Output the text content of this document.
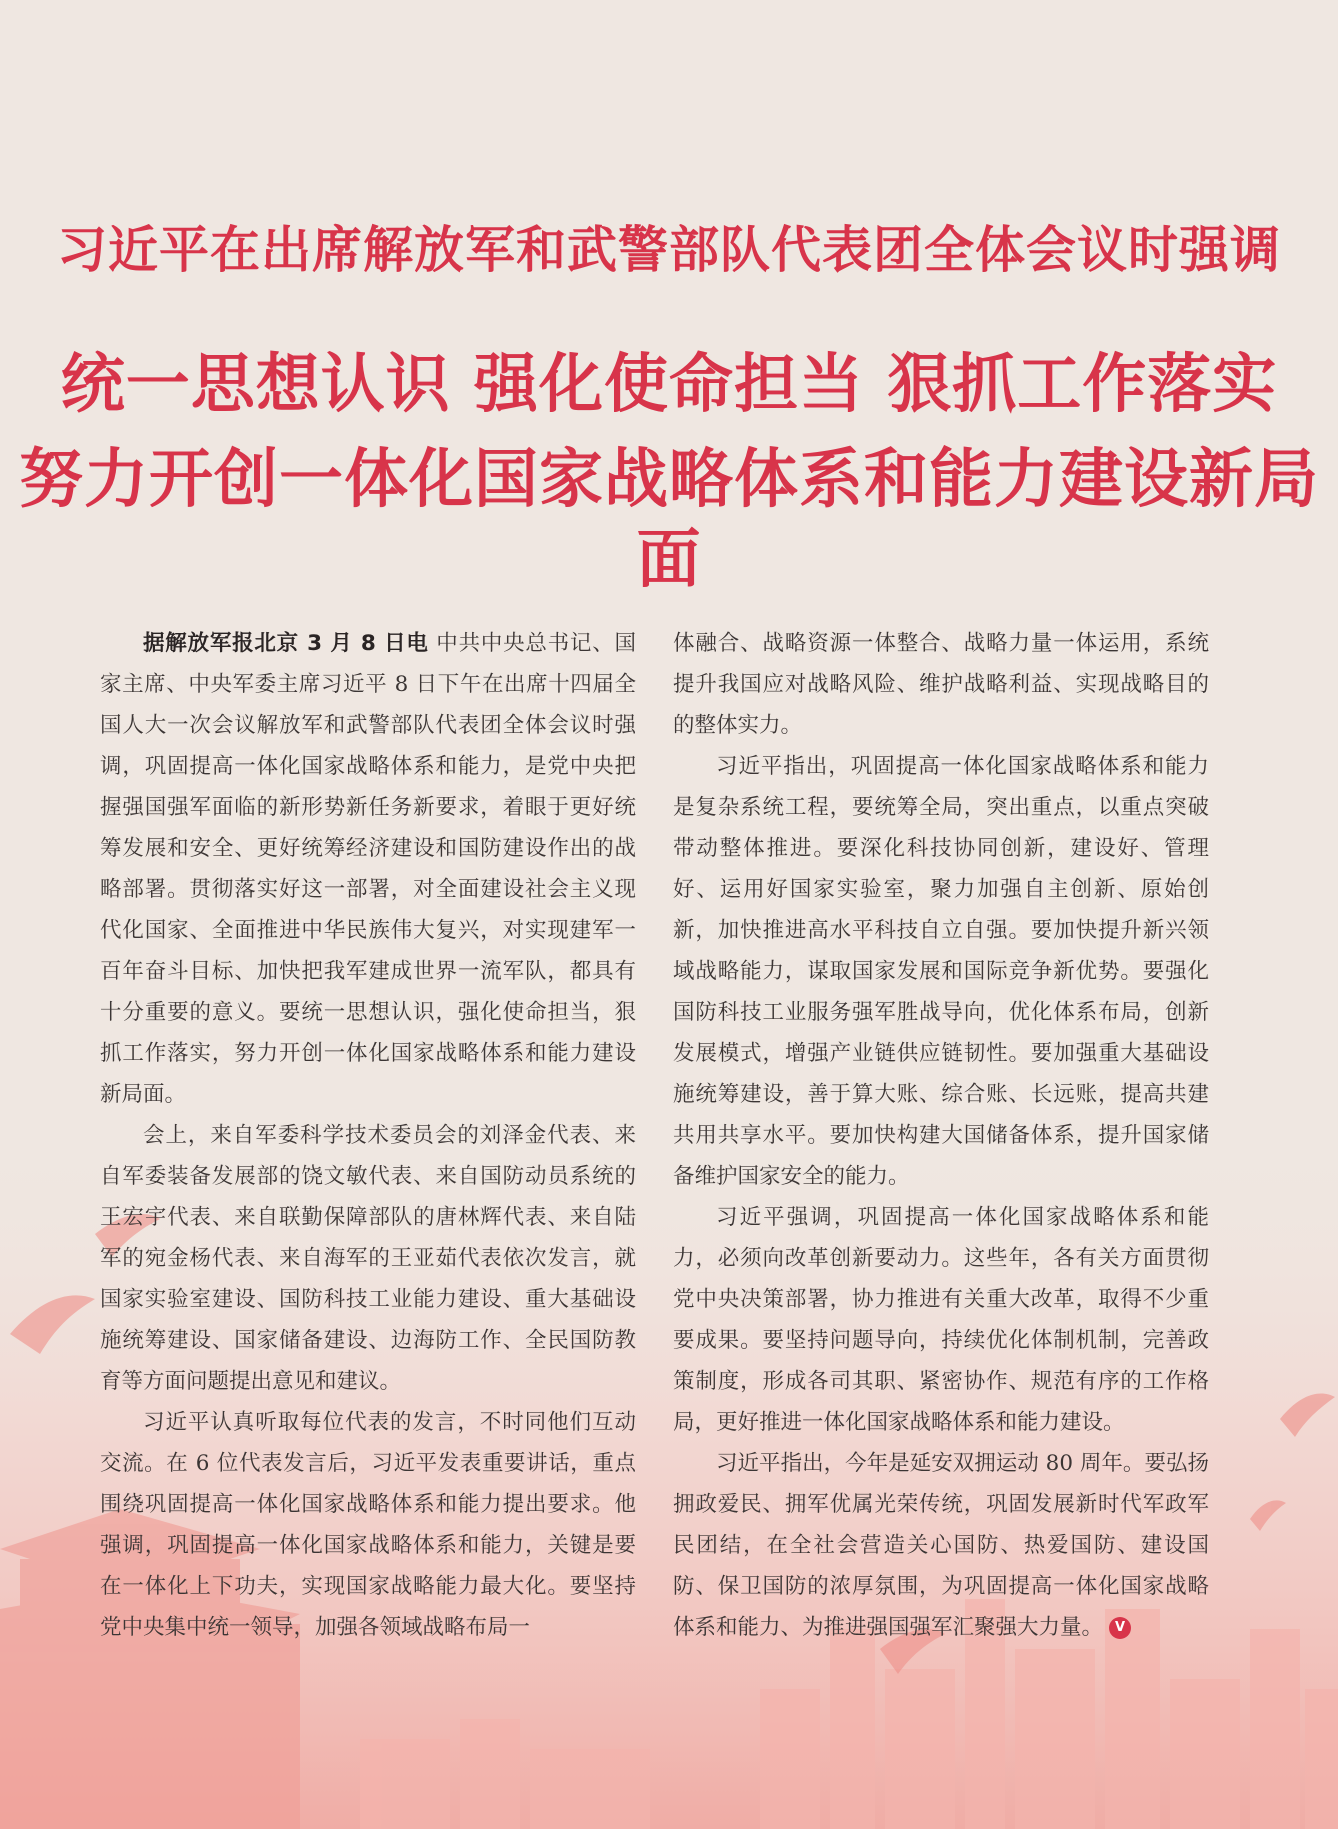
习近平在出席解放军和武警部队代表团全体会议时强调
统一思想认识 强化使命担当 狠抓工作落实
努力开创一体化国家战略体系和能力建设新局面

据解放军报北京 3 月 8 日电 中共中央总书记、国家主席、中央军委主席习近平 8 日下午在出席十四届全国人大一次会议解放军和武警部队代表团全体会议时强调，巩固提高一体化国家战略体系和能力，是党中央把握强国强军面临的新形势新任务新要求，着眼于更好统筹发展和安全、更好统筹经济建设和国防建设作出的战略部署。贯彻落实好这一部署，对全面建设社会主义现代化国家、全面推进中华民族伟大复兴，对实现建军一百年奋斗目标、加快把我军建成世界一流军队，都具有十分重要的意义。要统一思想认识，强化使命担当，狠抓工作落实，努力开创一体化国家战略体系和能力建设新局面。

会上，来自军委科学技术委员会的刘泽金代表、来自军委装备发展部的饶文敏代表、来自国防动员系统的王宏宇代表、来自联勤保障部队的唐林辉代表、来自陆军的宛金杨代表、来自海军的王亚茹代表依次发言，就国家实验室建设、国防科技工业能力建设、重大基础设施统筹建设、国家储备建设、边海防工作、全民国防教育等方面问题提出意见和建议。

习近平认真听取每位代表的发言，不时同他们互动交流。在 6 位代表发言后，习近平发表重要讲话，重点围绕巩固提高一体化国家战略体系和能力提出要求。他强调，巩固提高一体化国家战略体系和能力，关键是要在一体化上下功夫，实现国家战略能力最大化。要坚持党中央集中统一领导，加强各领域战略布局一

体融合、战略资源一体整合、战略力量一体运用，系统提升我国应对战略风险、维护战略利益、实现战略目的的整体实力。

习近平指出，巩固提高一体化国家战略体系和能力是复杂系统工程，要统筹全局，突出重点，以重点突破带动整体推进。要深化科技协同创新，建设好、管理好、运用好国家实验室，聚力加强自主创新、原始创新，加快推进高水平科技自立自强。要加快提升新兴领域战略能力，谋取国家发展和国际竞争新优势。要强化国防科技工业服务强军胜战导向，优化体系布局，创新发展模式，增强产业链供应链韧性。要加强重大基础设施统筹建设，善于算大账、综合账、长远账，提高共建共用共享水平。要加快构建大国储备体系，提升国家储备维护国家安全的能力。

习近平强调，巩固提高一体化国家战略体系和能力，必须向改革创新要动力。这些年，各有关方面贯彻党中央决策部署，协力推进有关重大改革，取得不少重要成果。要坚持问题导向，持续优化体制机制，完善政策制度，形成各司其职、紧密协作、规范有序的工作格局，更好推进一体化国家战略体系和能力建设。

习近平指出，今年是延安双拥运动 80 周年。要弘扬拥政爱民、拥军优属光荣传统，巩固发展新时代军政军民团结，在全社会营造关心国防、热爱国防、建设国防、保卫国防的浓厚氛围，为巩固提高一体化国家战略体系和能力、为推进强国强军汇聚强大力量。 V
